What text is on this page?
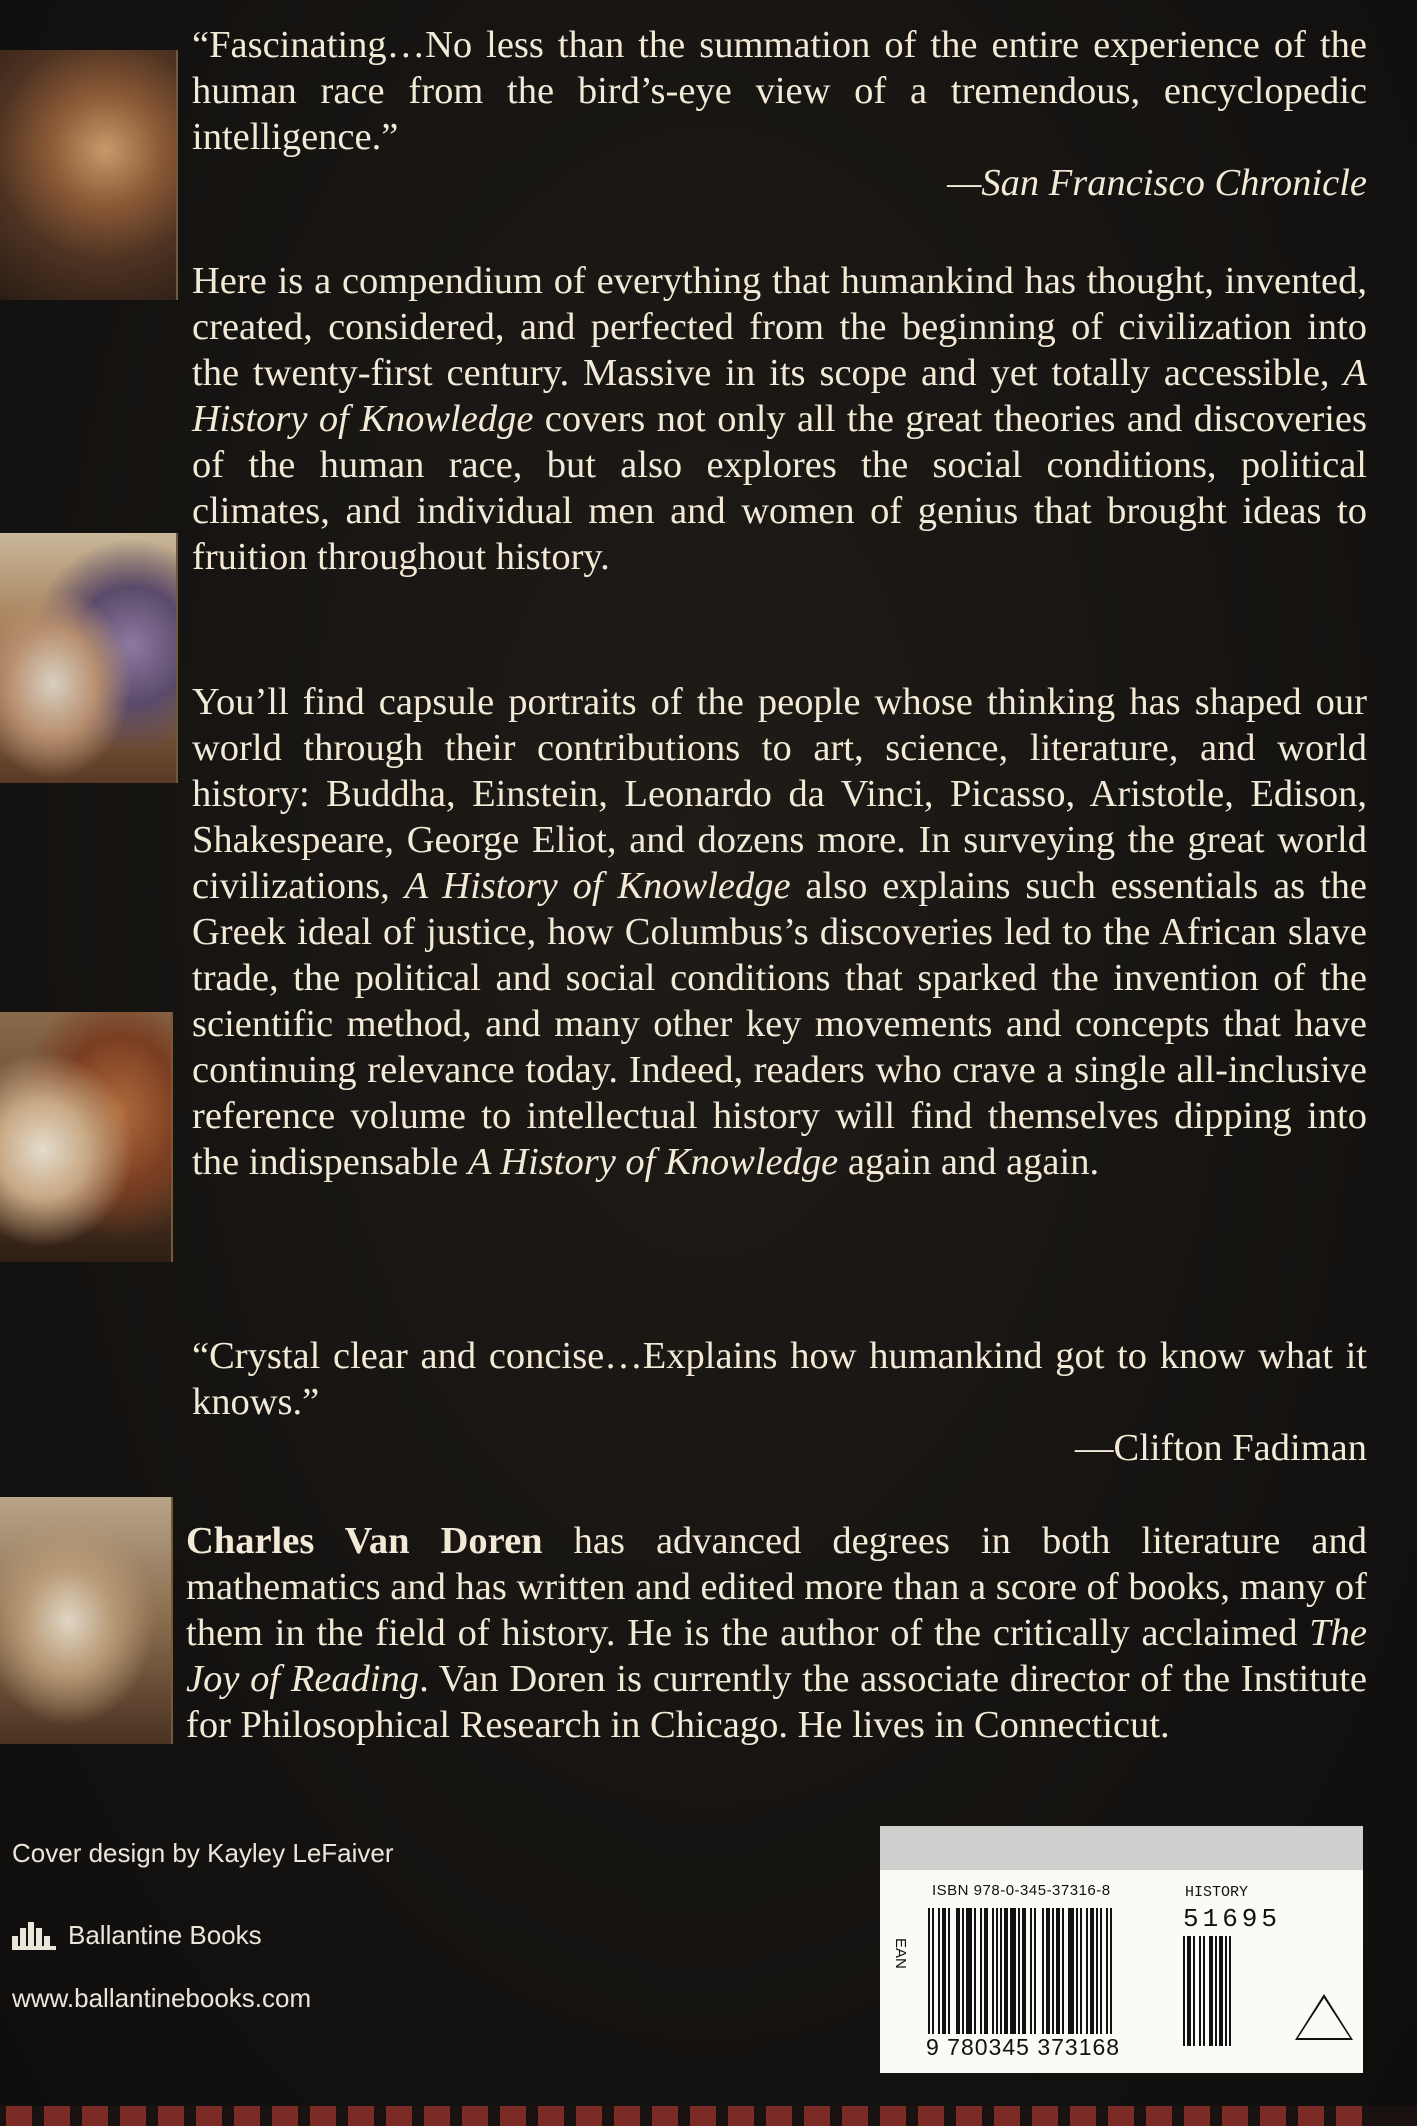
“Fascinating…No less than the summation of the entire experience of the human race from the bird’s-eye view of a tremendous, encyclopedic intelligence.”

—San Francisco Chronicle

Here is a compendium of everything that humankind has thought, invented, created, considered, and perfected from the beginning of civilization into the twenty-first century. Massive in its scope and yet totally accessible, A History of Knowledge covers not only all the great theories and discoveries of the human race, but also explores the social conditions, political climates, and individual men and women of genius that brought ideas to fruition throughout history.

You’ll find capsule portraits of the people whose thinking has shaped our world through their contributions to art, science, literature, and world history: Buddha, Einstein, Leonardo da Vinci, Picasso, Aristotle, Edison, Shakespeare, George Eliot, and dozens more. In surveying the great world civilizations, A History of Knowledge also explains such essentials as the Greek ideal of justice, how Columbus’s discoveries led to the African slave trade, the political and social conditions that sparked the invention of the scientific method, and many other key movements and concepts that have continuing relevance today. Indeed, readers who crave a single all-inclusive reference volume to intellectual history will find themselves dipping into the indispensable A History of Knowledge again and again.

“Crystal clear and concise…Explains how humankind got to know what it knows.”

—Clifton Fadiman

Charles Van Doren has advanced degrees in both literature and mathematics and has written and edited more than a score of books, many of them in the field of history. He is the author of the critically acclaimed The Joy of Reading. Van Doren is currently the associate director of the Institute for Philosophical Research in Chicago. He lives in Connecticut.

Cover design by Kayley LeFaiver
Ballantine Books
www.ballantinebooks.com
ISBN 978-0-345-37316-8	HISTORY
51695
EAN
9 780345 373168
